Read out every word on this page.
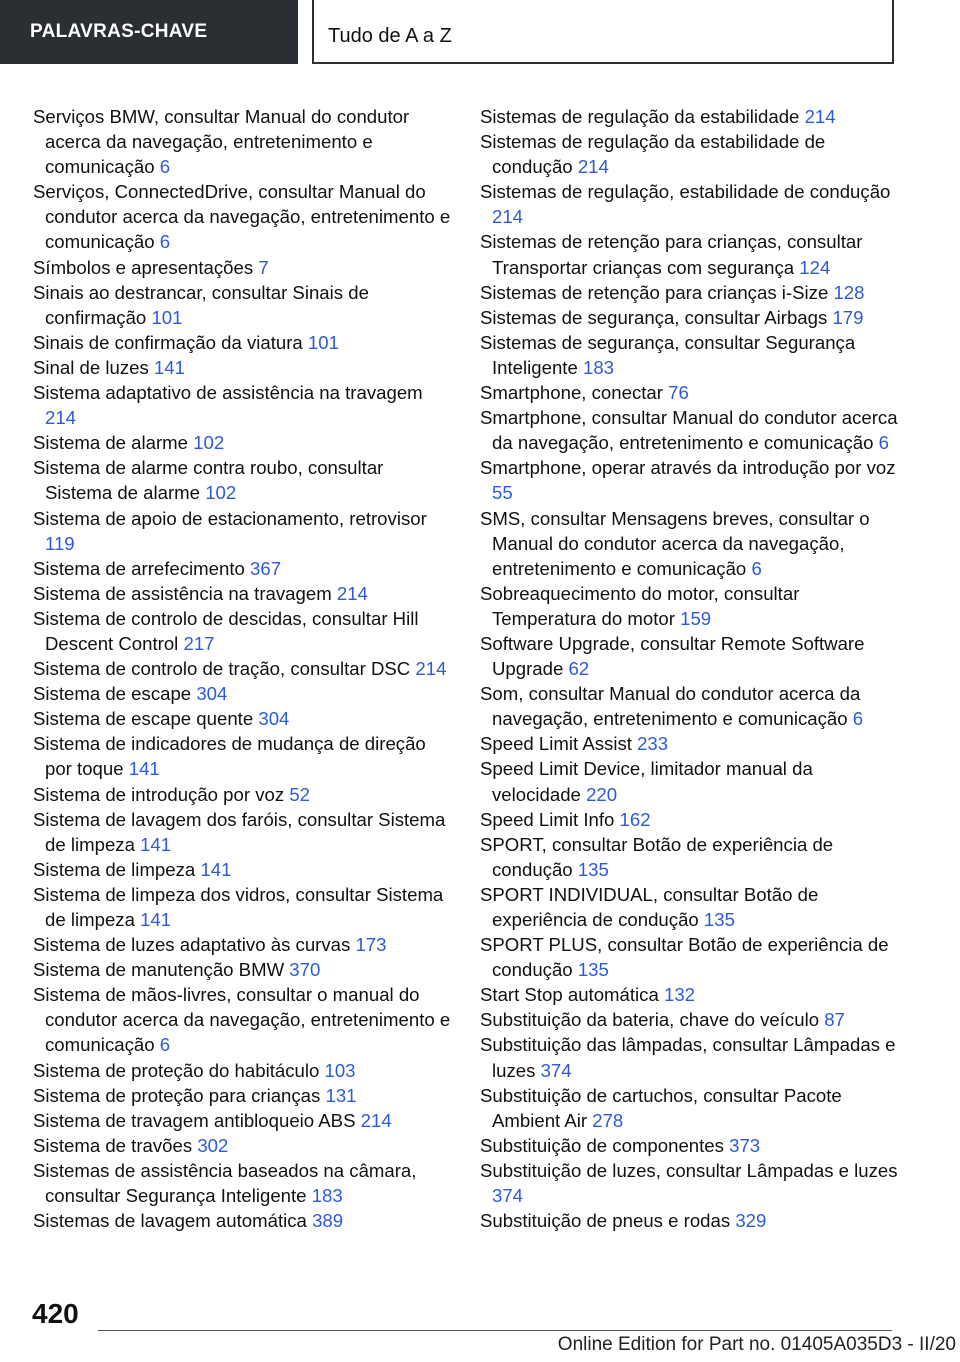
PALAVRAS-CHAVE	Tudo de A a Z

Serviços BMW, consultar Manual do condutor acerca da navegação, entretenimento e comunicação 6

Serviços, ConnectedDrive, consultar Manual do condutor acerca da navegação, entretenimento e comunicação 6

Símbolos e apresentações 7

Sinais ao destrancar, consultar Sinais de confirmação 101

Sinais de confirmação da viatura 101

Sinal de luzes 141

Sistema adaptativo de assistência na travagem 214

Sistema de alarme 102

Sistema de alarme contra roubo, consultar Sistema de alarme 102

Sistema de apoio de estacionamento, retrovisor 119

Sistema de arrefecimento 367

Sistema de assistência na travagem 214

Sistema de controlo de descidas, consultar Hill Descent Control 217

Sistema de controlo de tração, consultar DSC 214

Sistema de escape 304

Sistema de escape quente 304

Sistema de indicadores de mudança de direção por toque 141

Sistema de introdução por voz 52

Sistema de lavagem dos faróis, consultar Sistema de limpeza 141

Sistema de limpeza 141

Sistema de limpeza dos vidros, consultar Sistema de limpeza 141

Sistema de luzes adaptativo às curvas 173

Sistema de manutenção BMW 370

Sistema de mãos-livres, consultar o manual do condutor acerca da navegação, entretenimento e comunicação 6

Sistema de proteção do habitáculo 103

Sistema de proteção para crianças 131

Sistema de travagem antibloqueio ABS 214

Sistema de travões 302

Sistemas de assistência baseados na câmara, consultar Segurança Inteligente 183

Sistemas de lavagem automática 389

Sistemas de regulação da estabilidade 214

Sistemas de regulação da estabilidade de condução 214

Sistemas de regulação, estabilidade de condução 214

Sistemas de retenção para crianças, consultar Transportar crianças com segurança 124

Sistemas de retenção para crianças i-Size 128

Sistemas de segurança, consultar Airbags 179

Sistemas de segurança, consultar Segurança Inteligente 183

Smartphone, conectar 76

Smartphone, consultar Manual do condutor acerca da navegação, entretenimento e comunicação 6

Smartphone, operar através da introdução por voz 55

SMS, consultar Mensagens breves, consultar o Manual do condutor acerca da navegação, entretenimento e comunicação 6

Sobreaquecimento do motor, consultar Temperatura do motor 159

Software Upgrade, consultar Remote Software Upgrade 62

Som, consultar Manual do condutor acerca da navegação, entretenimento e comunicação 6

Speed Limit Assist 233

Speed Limit Device, limitador manual da velocidade 220

Speed Limit Info 162

SPORT, consultar Botão de experiência de condução 135

SPORT INDIVIDUAL, consultar Botão de experiência de condução 135

SPORT PLUS, consultar Botão de experiência de condução 135

Start Stop automática 132

Substituição da bateria, chave do veículo 87

Substituição das lâmpadas, consultar Lâmpadas e luzes 374

Substituição de cartuchos, consultar Pacote Ambient Air 278

Substituição de componentes 373

Substituição de luzes, consultar Lâmpadas e luzes 374

Substituição de pneus e rodas 329

420
Online Edition for Part no. 01405A035D3 - II/20
